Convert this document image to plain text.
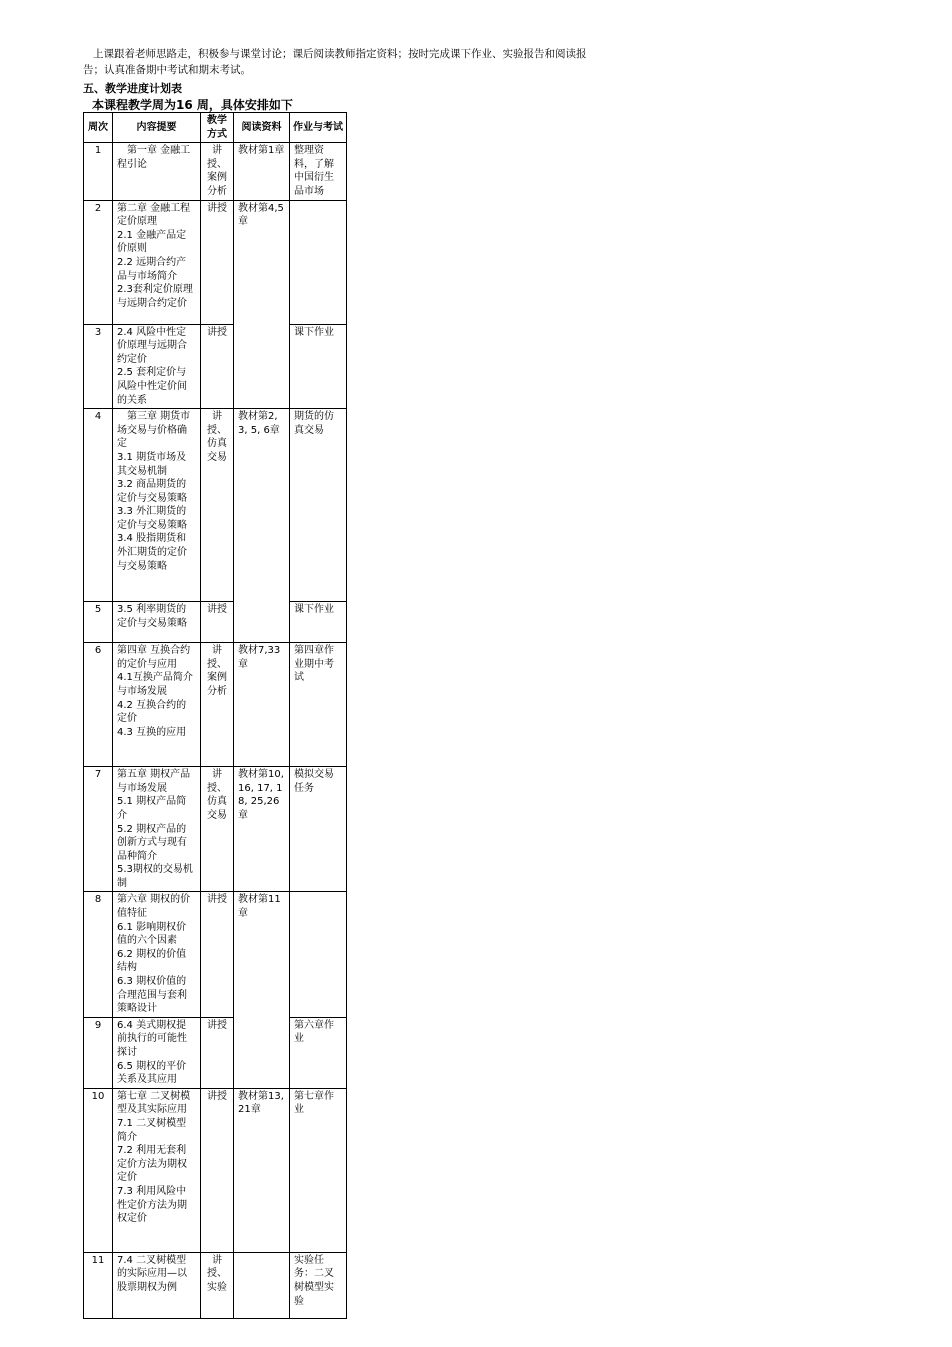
上课跟着老师思路走，积极参与课堂讨论；课后阅读教师指定资料；按时完成课下作业、实验报告和阅读报告；认真准备期中考试和期末考试。

五、教学进度计划表

本课程教学周为16 周，具体安排如下

周次	内容提要	教学方式	阅读资料	作业与考试
1	第一章 金融工程引论	讲授、案例分析	教材第1章	整理资料，了解中国衍生品市场
2	第二章 金融工程定价原理
2.1 金融产品定价原则
2.2 远期合约产品与市场简介
2.3套利定价原理与远期合约定价	讲授	教材第4,5章	
3	2.4 风险中性定价原理与远期合约定价
2.5 套利定价与风险中性定价间的关系	讲授		课下作业
4	第三章 期货市场交易与价格确定
3.1 期货市场及其交易机制
3.2 商品期货的定价与交易策略
3.3 外汇期货的定价与交易策略
3.4 股指期货和外汇期货的定价与交易策略	讲授、仿真交易	教材第2, 3, 5, 6章	期货的仿真交易
5	3.5 利率期货的定价与交易策略	讲授		课下作业
6	第四章 互换合约的定价与应用
4.1互换产品简介与市场发展
4.2 互换合约的定价
4.3 互换的应用	讲授、案例分析	教材7,33章	第四章作业期中考试
7	第五章 期权产品与市场发展
5.1 期权产品简介
5.2 期权产品的创新方式与现有品种简介
5.3期权的交易机制	讲授、仿真交易	教材第10, 16, 17, 18, 25,26章	模拟交易任务
8	第六章 期权的价值特征
6.1 影响期权价值的六个因素
6.2 期权的价值结构
6.3 期权价值的合理范围与套利策略设计	讲授	教材第11章	
9	6.4 美式期权提前执行的可能性探讨
6.5 期权的平价关系及其应用	讲授		第六章作业
10	第七章 二叉树模型及其实际应用
7.1 二叉树模型简介
7.2 利用无套利定价方法为期权定价
7.3 利用风险中性定价方法为期权定价	讲授	教材第13,21章	第七章作业
11	7.4 二叉树模型的实际应用—以股票期权为例	讲授、实验		实验任务：二叉树模型实验
